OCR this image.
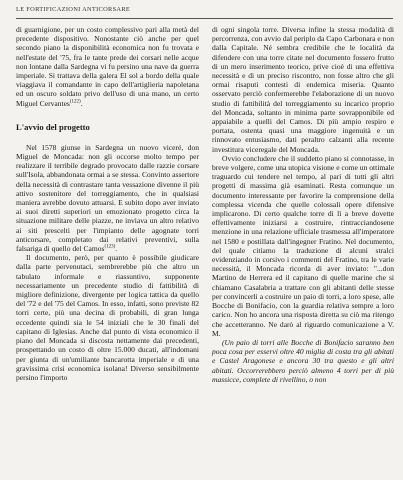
LE FORTIFICAZIONI ANTICORSARE

di guarnigione, per un costo complessivo pari alla metà del precedente dispositivo. Nonostante ciò anche per quel secondo piano la disponibilità economica non fu trovata e nell'estate del '75, fra le tante prede dei corsari nelle acque non lontane dalla Sardegna vi fu persino una nave da guerra imperiale. Si trattava della galera El sol a bordo della quale viaggiava il comandante in capo dell'artiglieria napoletana ed un oscuro soldato privo dell'uso di una mano, un certo Miguel Cervantes$^{(122)}$.

L'avvio del progetto

Nel 1578 giunse in Sardegna un nuovo viceré, don Miguel de Moncada: non gli occorse molto tempo per realizzare il terribile degrado provocato dalle razzie corsare sull'Isola, abbandonata ormai a se stessa. Convinto assertore della necessità di contrastare tanta vessazione divenne il più attivo sostenitore del torreggiamento, che in qualsiasi maniera avrebbe dovuto attuarsi. E subito dopo aver inviato ai suoi diretti superiori un emozionato progetto circa la situazione militare delle piazze, ne inviava un altro relativo ai siti prescelti per l'impianto delle agognate torri anticorsare, completato dai relativi preventivi, sulla falsariga di quello del Camos$^{(123)}$.

Il documento, però, per quanto è possibile giudicare dalla parte pervenutaci, sembrerebbe più che altro un tabulato informale e riassuntivo, supponente necessariamente un precedente studio di fattibilità di migliore definizione, divergente per logica tattica da quello del '72 e del '75 del Camos. In esso, infatti, sono previste 82 torri certe, più una decina di probabili, di gran lunga eccedente quindi sia le 54 iniziali che le 30 finali del capitano di Iglesias. Anche dal punto di vista economico il piano del Moncada si discosta nettamente dai precedenti, prospettando un costo di oltre 15.000 ducati, all'indomani per giunta di un'umiliante bancarotta imperiale e di una gravissima crisi economica isolana! Diverso sensibilmente persino l'importo

di ogni singola torre. Diversa infine la stessa modalità di percorrenza, con avvio dal periplo da Capo Carbonara e non dalla Capitale. Né sembra credibile che le località da difendere con una torre citate nel documento fossero frutto di un mero inserimento teorico, prive cioè di una effettiva necessità e di un preciso riscontro, non fosse altro che gli ormai risaputi contesti di endemica miseria. Quanto osservato perciò confermerebbe l'elaborazione di un nuovo studio di fattibilità del torreggiamento su incarico proprio del Moncada, soltanto in minima parte sovrapponibile ed appaiabile a quelli del Camos. Di più ampio respiro e portata, ostenta quasi una maggiore ingenuità e un rinnovato entusiasmo, dati peraltro calzanti alla recente investitura viceregale del Moncada.

Ovvio concludere che il suddetto piano si connotasse, in breve volgere, come una utopica visione e come un ottimale traguardo cui tendere nel tempo, al pari di tutti gli altri progetti di massima già esaminati. Resta comunque un documento interessante per favorire la comprensione della complessa vicenda che quelle colossali opere difensive implicarono. Di certo qualche torre di lì a breve dovette effettivamente iniziarsi a costruire, rintracciandosene menzione in una relazione ufficiale trasmessa all'imperatore nel 1580 e postillata dall'ingegner Fratino. Nel documento, del quale citiamo la traduzione di alcuni stralci evidenziando in corsivo i commenti del Fratino, tra le varie necessità, il Moncada ricorda di aver inviato: "...don Martino de Herrera ed il capitano di quelle marine che si chiamano Casalabria a trattare con gli abitanti delle stesse per convincerli a costruire un paio di torri, a loro spese, alle Bocche di Bonifacio, con la guardia relativa sempre a loro carico. Non ho ancora una risposta diretta su ciò ma ritengo che accetteranno. Ne darò al riguardo comunicazione a V. M.

(Un paio di torri alle Bocche di Bonifacio saranno ben poca cosa per esservi oltre 40 miglia di costa tra gli abitati e Castel Aragonese e ancora 30 tra questo e gli altri abitati. Occorrerebbero perciò almeno 4 torri per di più massicce, complete di rivellino, o non
